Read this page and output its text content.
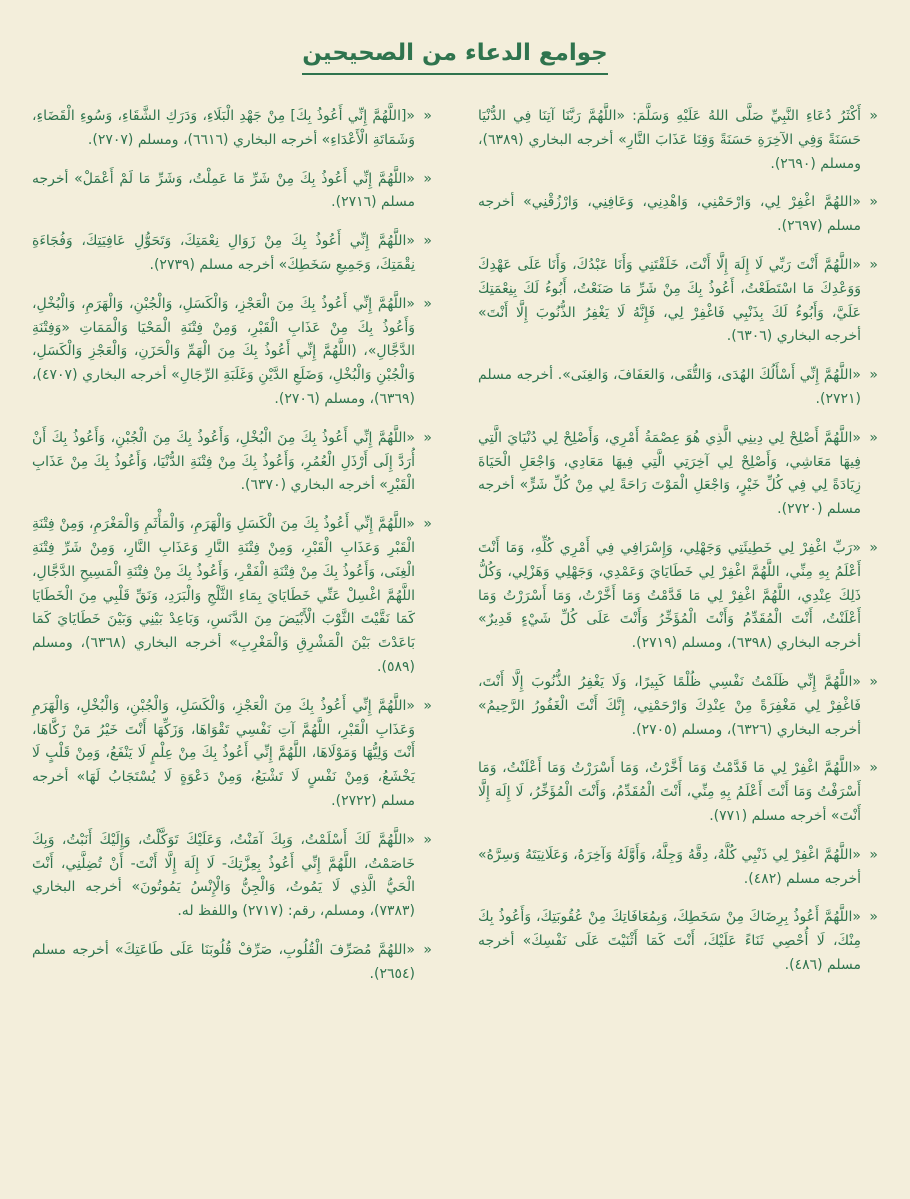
جوامع الدعاء من الصحيحين
«

أَكْثَرُ دُعَاءِ النَّبِيِّ صَلَّى اللهُ عَلَيْهِ وَسَلَّمَ: «اللَّهُمَّ رَبَّنَا آتِنَا فِي الدُّنْيَا حَسَنَةً وَفِي الآخِرَةِ حَسَنَةً وَقِنَا عَذَابَ النَّارِ» أخرجه البخاري (٦٣٨٩)، ومسلم (٢٦٩٠).

«

«اللهُمَّ اغْفِرْ لِي، وَارْحَمْنِي، وَاهْدِنِي، وَعَافِنِي، وَارْزُقْنِي» أخرجه مسلم (٢٦٩٧).

«

«اللَّهُمَّ أَنْتَ رَبِّي لَا إِلَهَ إِلَّا أَنْتَ، خَلَقْتَنِي وَأَنَا عَبْدُكَ، وَأَنَا عَلَى عَهْدِكَ وَوَعْدِكَ مَا اسْتَطَعْتُ، أَعُوذُ بِكَ مِنْ شَرِّ مَا صَنَعْتُ، أَبُوءُ لَكَ بِنِعْمَتِكَ عَلَيَّ، وَأَبُوءُ لَكَ بِذَنْبِي فَاغْفِرْ لِي، فَإِنَّهُ لَا يَغْفِرُ الذُّنُوبَ إِلَّا أَنْتَ» أخرجه البخاري (٦٣٠٦).

«

«اللَّهُمَّ إِنِّي أَسْأَلُكَ الهُدَى، وَالتُّقَى، وَالعَفَافَ، وَالغِنَى». أخرجه مسلم (٢٧٢١).

«

«اللَّهُمَّ أَصْلِحْ لِي دِينِي الَّذِي هُوَ عِصْمَةُ أَمْرِي، وَأَصْلِحْ لِي دُنْيَايَ الَّتِي فِيهَا مَعَاشِي، وَأَصْلِحْ لِي آخِرَتِي الَّتِي فِيهَا مَعَادِي، وَاجْعَلِ الْحَيَاةَ زِيَادَةً لِي فِي كُلِّ خَيْرٍ، وَاجْعَلِ الْمَوْتَ رَاحَةً لِي مِنْ كُلِّ شَرٍّ» أخرجه مسلم (٢٧٢٠).

«

«رَبِّ اغْفِرْ لِي خَطِيئَتِي وَجَهْلِي، وَإِسْرَافِي فِي أَمْرِي كُلِّهِ، وَمَا أَنْتَ أَعْلَمُ بِهِ مِنِّي، اللَّهُمَّ اغْفِرْ لِي خَطَايَايَ وَعَمْدِي، وَجَهْلِي وَهَزْلِي، وَكُلُّ ذَلِكَ عِنْدِي، اللَّهُمَّ اغْفِرْ لِي مَا قَدَّمْتُ وَمَا أَخَّرْتُ، وَمَا أَسْرَرْتُ وَمَا أَعْلَنْتُ، أَنْتَ الْمُقَدِّمُ وَأَنْتَ الْمُؤَخِّرُ وَأَنْتَ عَلَى كُلِّ شَيْءٍ قَدِيرٌ» أخرجه البخاري (٦٣٩٨)، ومسلم (٢٧١٩).

«

«اللَّهُمَّ إِنِّي ظَلَمْتُ نَفْسِي ظُلْمًا كَبِيرًا، وَلَا يَغْفِرُ الذُّنُوبَ إِلَّا أَنْتَ، فَاغْفِرْ لِي مَغْفِرَةً مِنْ عِنْدِكَ وَارْحَمْنِي، إِنَّكَ أَنْتَ الْغَفُورُ الرَّحِيمُ» أخرجه البخاري (٦٣٢٦)، ومسلم (٢٧٠٥).

«

«اللَّهُمَّ اغْفِرْ لِي مَا قَدَّمْتُ وَمَا أَخَّرْتُ، وَمَا أَسْرَرْتُ وَمَا أَعْلَنْتُ، وَمَا أَسْرَفْتُ وَمَا أَنْتَ أَعْلَمُ بِهِ مِنِّي، أَنْتَ الْمُقَدِّمُ، وَأَنْتَ الْمُؤَخِّرُ، لَا إِلَهَ إِلَّا أَنْتَ» أخرجه مسلم (٧٧١).

«

«اللَّهُمَّ اغْفِرْ لِي ذَنْبِي كُلَّهُ، دِقَّهُ وَجِلَّهُ، وَأَوَّلَهُ وَآخِرَهُ، وَعَلَانِيَتَهُ وَسِرَّهُ» أخرجه مسلم (٤٨٢).

«

«اللَّهُمَّ أَعُوذُ بِرِضَاكَ مِنْ سَخَطِكَ، وَبِمُعَافَاتِكَ مِنْ عُقُوبَتِكَ، وَأَعُوذُ بِكَ مِنْكَ، لَا أُحْصِي ثَنَاءً عَلَيْكَ، أَنْتَ كَمَا أَثْنَيْتَ عَلَى نَفْسِكَ» أخرجه مسلم (٤٨٦).

«

«[اللَّهُمَّ إِنِّي أَعُوذُ بِكَ] مِنْ جَهْدِ الْبَلَاءِ، وَدَرَكِ الشَّقَاءِ، وَسُوءِ الْقَضَاءِ، وَشَمَاتَةِ الْأَعْدَاءِ» أخرجه البخاري (٦٦١٦)، ومسلم (٢٧٠٧).

«

«اللَّهُمَّ إِنِّي أَعُوذُ بِكَ مِنْ شَرِّ مَا عَمِلْتُ، وَشَرِّ مَا لَمْ أَعْمَلْ» أخرجه مسلم (٢٧١٦).

«

«اللَّهُمَّ إِنِّي أَعُوذُ بِكَ مِنْ زَوَالِ نِعْمَتِكَ، وَتَحَوُّلِ عَافِيَتِكَ، وَفُجَاءَةِ نِقْمَتِكَ، وَجَمِيعِ سَخَطِكَ» أخرجه مسلم (٢٧٣٩).

«

«اللَّهُمَّ إِنِّي أَعُوذُ بِكَ مِنَ الْعَجْزِ، وَالْكَسَلِ، وَالْجُبْنِ، وَالْهَرَمِ، وَالْبُخْلِ، وَأَعُوذُ بِكَ مِنْ عَذَابِ الْقَبْرِ، وَمِنْ فِتْنَةِ الْمَحْيَا وَالْمَمَاتِ «وَفِتْنَةِ الدَّجَّالِ»، (اللَّهُمَّ إِنِّي أَعُوذُ بِكَ مِنَ الْهَمِّ وَالْحَزَنِ، وَالْعَجْزِ وَالْكَسَلِ، وَالْجُبْنِ وَالْبُخْلِ، وَضَلَعِ الدَّيْنِ وَغَلَبَةِ الرِّجَالِ» أخرجه البخاري (٤٧٠٧)، (٦٣٦٩)، ومسلم (٢٧٠٦).

«

«اللَّهُمَّ إِنِّي أَعُوذُ بِكَ مِنَ الْبُخْلِ، وَأَعُوذُ بِكَ مِنَ الْجُبْنِ، وَأَعُوذُ بِكَ أَنْ أُرَدَّ إِلَى أَرْذَلِ الْعُمُرِ، وَأَعُوذُ بِكَ مِنْ فِتْنَةِ الدُّنْيَا، وَأَعُوذُ بِكَ مِنْ عَذَابِ الْقَبْرِ» أخرجه البخاري (٦٣٧٠).

«

«اللَّهُمَّ إِنِّي أَعُوذُ بِكَ مِنَ الْكَسَلِ وَالْهَرَمِ، وَالْمَأْثَمِ وَالْمَغْرَمِ، وَمِنْ فِتْنَةِ الْقَبْرِ وَعَذَابِ الْقَبْرِ، وَمِنْ فِتْنَةِ النَّارِ وَعَذَابِ النَّارِ، وَمِنْ شَرِّ فِتْنَةِ الْغِنَى، وَأَعُوذُ بِكَ مِنْ فِتْنَةِ الْفَقْرِ، وَأَعُوذُ بِكَ مِنْ فِتْنَةِ الْمَسِيحِ الدَّجَّالِ، اللَّهُمَّ اغْسِلْ عَنِّي خَطَايَايَ بِمَاءِ الثَّلْجِ وَالْبَرَدِ، وَنَقِّ قَلْبِي مِنَ الْخَطَايَا كَمَا نَقَّيْتَ الثَّوْبَ الْأَبْيَضَ مِنَ الدَّنَسِ، وَبَاعِدْ بَيْنِي وَبَيْنَ خَطَايَايَ كَمَا بَاعَدْتَ بَيْنَ الْمَشْرِقِ وَالْمَغْرِبِ» أخرجه البخاري (٦٣٦٨)، ومسلم (٥٨٩).

«

«اللَّهُمَّ إِنِّي أَعُوذُ بِكَ مِنَ الْعَجْزِ، وَالْكَسَلِ، وَالْجُبْنِ، وَالْبُخْلِ، وَالْهَرَمِ وَعَذَابِ الْقَبْرِ، اللَّهُمَّ آتِ نَفْسِي تَقْوَاهَا، وَزَكِّهَا أَنْتَ خَيْرُ مَنْ زَكَّاهَا، أَنْتَ وَلِيُّهَا وَمَوْلَاهَا، اللَّهُمَّ إِنِّي أَعُوذُ بِكَ مِنْ عِلْمٍ لَا يَنْفَعُ، وَمِنْ قَلْبٍ لَا يَخْشَعُ، وَمِنْ نَفْسٍ لَا تَشْبَعُ، وَمِنْ دَعْوَةٍ لَا يُسْتَجَابُ لَهَا» أخرجه مسلم (٢٧٢٢).

«

«اللَّهُمَّ لَكَ أَسْلَمْتُ، وَبِكَ آمَنْتُ، وَعَلَيْكَ تَوَكَّلْتُ، وَإِلَيْكَ أَنَبْتُ، وَبِكَ خَاصَمْتُ، اللَّهُمَّ إِنِّي أَعُوذُ بِعِزَّتِكَ- لَا إِلَهَ إِلَّا أَنْتَ- أَنْ تُضِلَّنِي، أَنْتَ الْحَيُّ الَّذِي لَا يَمُوتُ، وَالْجِنُّ وَالْإِنْسُ يَمُوتُونَ» أخرجه البخاري (٧٣٨٣)، ومسلم، رقم: (٢٧١٧) واللفظ له.

«

«اللهُمَّ مُصَرِّفَ الْقُلُوبِ، صَرِّفْ قُلُوبَنَا عَلَى طَاعَتِكَ» أخرجه مسلم (٢٦٥٤).
